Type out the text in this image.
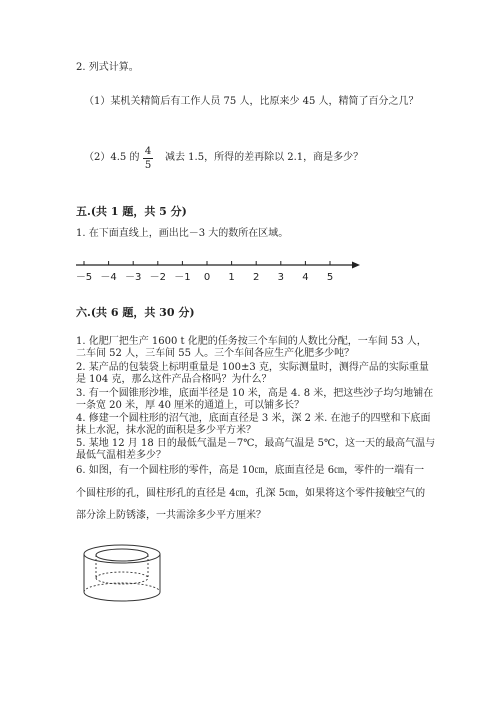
2. 列式计算。
（1）某机关精简后有工作人员 75 人，比原来少 45 人，精简了百分之几？
（2）4.5 的
4
5
减去 1.5，所得的差再除以 2.1，商是多少？
五.(共 1 题，共 5 分)
1. 在下面直线上，画出比－3 大的数所在区域。
－5 －4 －3 －2 －1 0 1 2 3 4 5
六.(共 6 题，共 30 分)
1. 化肥厂把生产 1600 t 化肥的任务按三个车间的人数比分配，一车间 53 人，
二车间 52 人，三车间 55 人。三个车间各应生产化肥多少吨？
2. 某产品的包装袋上标明重量是 100±3 克，实际测量时，测得产品的实际重量
是 104 克，那么这件产品合格吗？为什么？
3. 有一个圆锥形沙堆，底面半径是 10 米，高是 4. 8 米，把这些沙子均匀地铺在
一条宽 20 米，厚 40 厘米的通道上，可以铺多长？
4. 修建一个圆柱形的沼气池，底面直径是 3 米，深 2 米. 在池子的四壁和下底面
抹上水泥，抹水泥的面积是多少平方米？
5. 某地 12 月 18 日的最低气温是－7℃，最高气温是 5℃，这一天的最高气温与
最低气温相差多少？
6. 如图，有一个圆柱形的零件，高是 10㎝，底面直径是 6㎝，零件的一端有一
个圆柱形的孔，圆柱形孔的直径是 4㎝，孔深 5㎝，如果将这个零件接触空气的
部分涂上防锈漆，一共需涂多少平方厘米？
